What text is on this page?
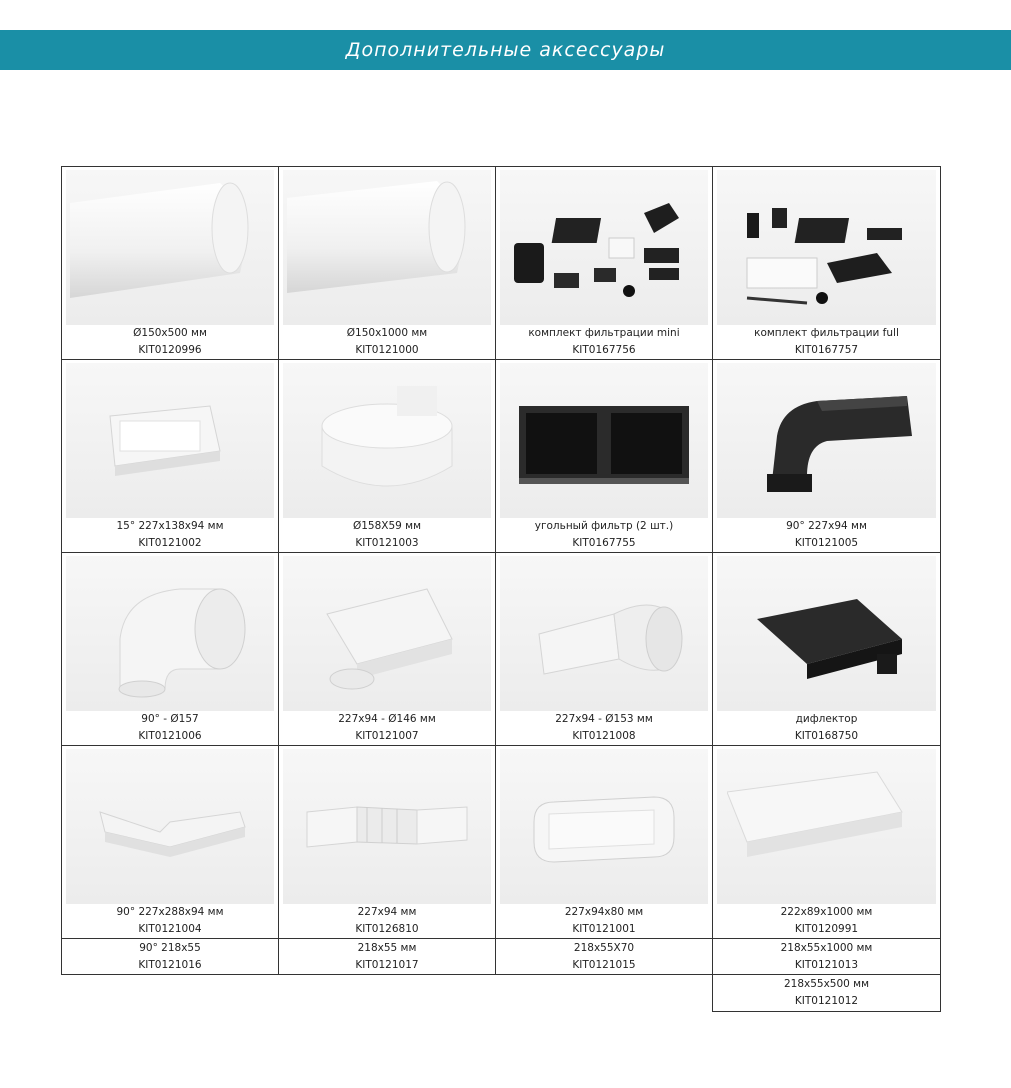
Дополнительные аксессуары
Ø150x500 мм
KIT0120996
Ø150x1000 мм
KIT0121000
комплект фильтрации mini
KIT0167756
комплект фильтрации full
KIT0167757
15° 227x138x94 мм
KIT0121002
Ø158X59 мм
KIT0121003
угольный фильтр (2 шт.)
KIT0167755
90° 227x94 мм
KIT0121005
90° - Ø157
KIT0121006
227x94 - Ø146 мм
KIT0121007
227x94 - Ø153 мм
KIT0121008
дифлектор
KIT0168750
90° 227x288x94 мм
KIT0121004
227x94 мм
KIT0126810
227x94x80 мм
KIT0121001
222x89x1000 мм
KIT0120991
90° 218x55
KIT0121016
218x55 мм
KIT0121017
218x55X70
KIT0121015
218x55x1000 мм
KIT0121013
218x55x500 мм
KIT0121012
